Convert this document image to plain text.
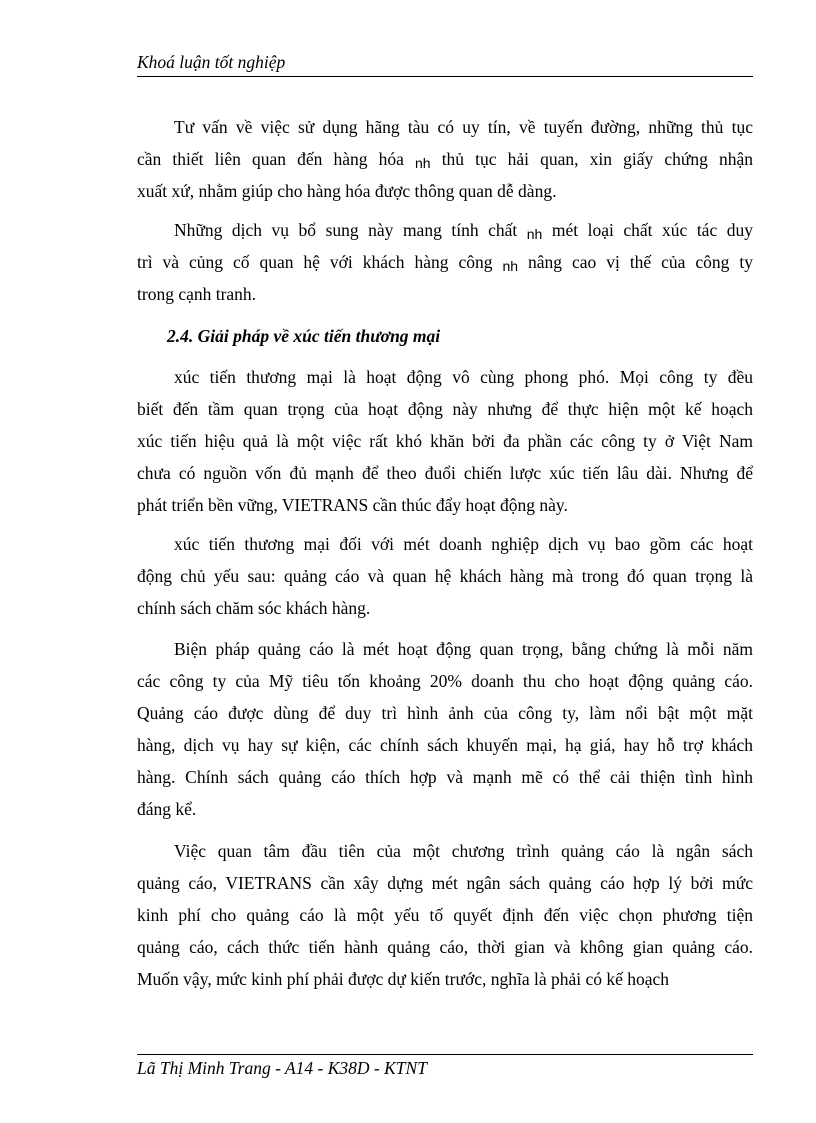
Khoá luận tốt nghiệp
Tư vấn về việc sử dụng hãng tàu có uy tín, về tuyến đường, những thủ tục
cần thiết liên quan đến hàng hóa nh thủ tục hải quan, xin giấy chứng nhận
xuất xứ, nhằm giúp cho hàng hóa được thông quan dễ dàng.
Những dịch vụ bổ sung này mang tính chất nh mét loại chất xúc tác duy
trì và củng cố quan hệ với khách hàng công nh nâng cao vị thế của công ty
trong cạnh tranh.
2.4. Giải pháp về xúc tiến thương mại
xúc tiến thương mại là hoạt động vô cùng phong phó. Mọi công ty đều
biết đến tầm quan trọng của hoạt động này nhưng để thực hiện một kế hoạch
xúc tiến hiệu quả là một việc rất khó khăn bởi đa phần các công ty ở Việt Nam
chưa có nguồn vốn đủ mạnh để theo đuổi chiến lược xúc tiến lâu dài. Nhưng để
phát triển bền vững, VIETRANS cần thúc đẩy hoạt động này.
xúc tiến thương mại đối với mét doanh nghiệp dịch vụ bao gồm các hoạt
động chủ yếu sau: quảng cáo và quan hệ khách hàng mà trong đó quan trọng là
chính sách chăm sóc khách hàng.
Biện pháp quảng cáo là mét hoạt động quan trọng, bằng chứng là mỗi năm
các công ty của Mỹ tiêu tốn khoảng 20% doanh thu cho hoạt động quảng cáo.
Quảng cáo được dùng để duy trì hình ảnh của công ty, làm nổi bật một mặt
hàng, dịch vụ hay sự kiện, các chính sách khuyến mại, hạ giá, hay hỗ trợ khách
hàng. Chính sách quảng cáo thích hợp và mạnh mẽ có thể cải thiện tình hình
đáng kể.
Việc quan tâm đầu tiên của một chương trình quảng cáo là ngân sách
quảng cáo, VIETRANS cần xây dựng mét ngân sách quảng cáo hợp lý bởi mức
kinh phí cho quảng cáo là một yếu tố quyết định đến việc chọn phương tiện
quảng cáo, cách thức tiến hành quảng cáo, thời gian và không gian quảng cáo.
Muốn vậy, mức kinh phí phải được dự kiến trước, nghĩa là phải có kế hoạch
Lã Thị Minh Trang - A14 - K38D - KTNT
